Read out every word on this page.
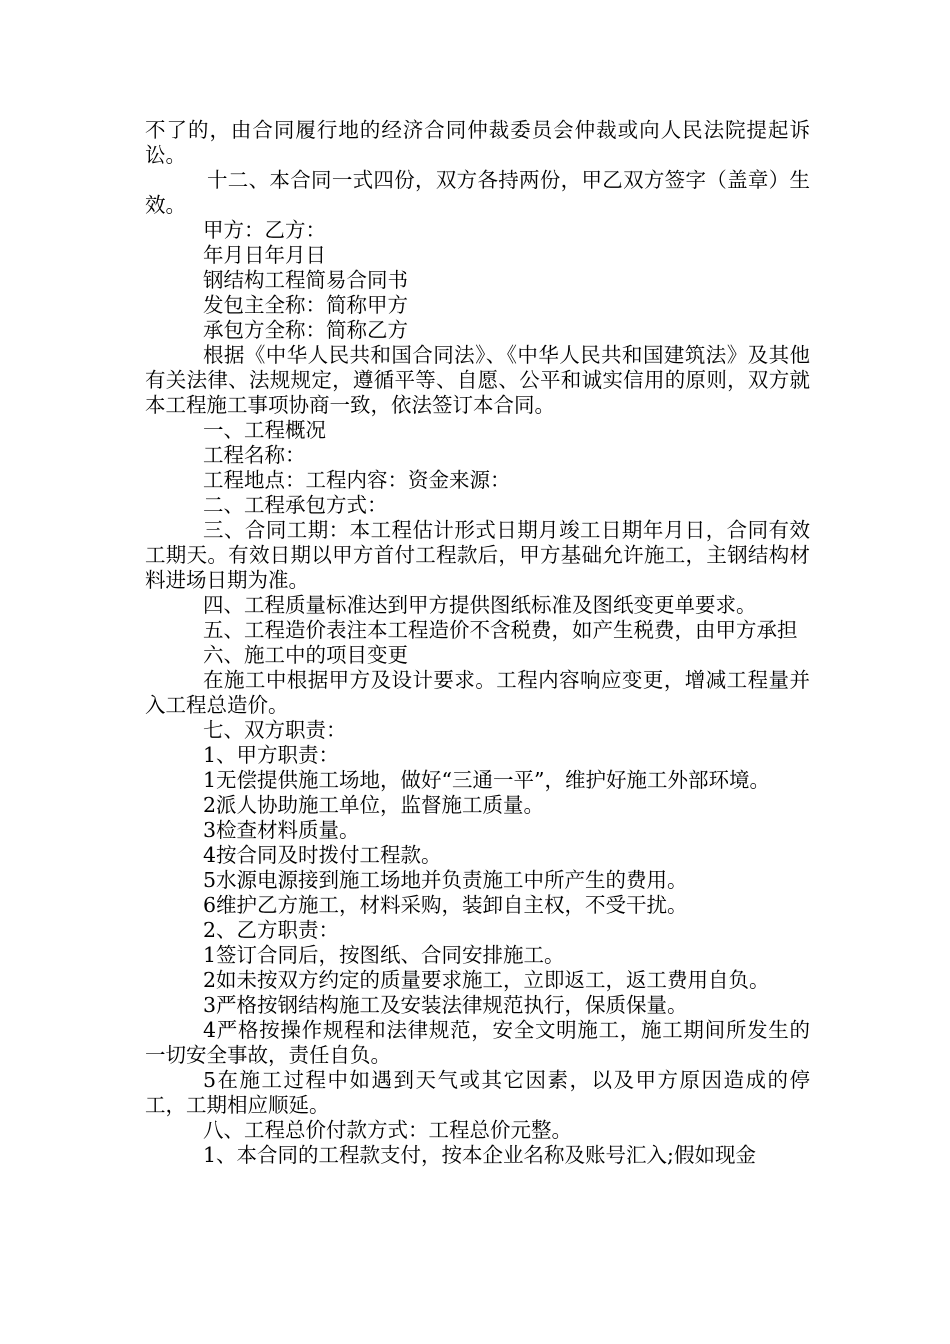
不了的，由合同履行地的经济合同仲裁委员会仲裁或向人民法院提起诉讼。

十二、本合同一式四份，双方各持两份，甲乙双方签字（盖章）生效。

甲方：乙方：

年月日年月日

钢结构工程简易合同书

发包主全称：简称甲方

承包方全称：简称乙方

根据《中华人民共和国合同法》、《中华人民共和国建筑法》及其他有关法律、法规规定，遵循平等、自愿、公平和诚实信用的原则，双方就本工程施工事项协商一致，依法签订本合同。

一、工程概况

工程名称：

工程地点：工程内容：资金来源：

二、工程承包方式：

三、合同工期：本工程估计形式日期月竣工日期年月日，合同有效工期天。有效日期以甲方首付工程款后，甲方基础允许施工，主钢结构材料进场日期为准。

四、工程质量标准达到甲方提供图纸标准及图纸变更单要求。

五、工程造价表注本工程造价不含税费，如产生税费，由甲方承担

六、施工中的项目变更

在施工中根据甲方及设计要求。工程内容响应变更，增减工程量并入工程总造价。

七、双方职责：

1、甲方职责：

1无偿提供施工场地，做好“三通一平”，维护好施工外部环境。

2派人协助施工单位，监督施工质量。

3检查材料质量。

4按合同及时拨付工程款。

5水源电源接到施工场地并负责施工中所产生的费用。

6维护乙方施工，材料采购，装卸自主权，不受干扰。

2、乙方职责：

1签订合同后，按图纸、合同安排施工。

2如未按双方约定的质量要求施工，立即返工，返工费用自负。

3严格按钢结构施工及安装法律规范执行，保质保量。

4严格按操作规程和法律规范，安全文明施工，施工期间所发生的一切安全事故，责任自负。

5在施工过程中如遇到天气或其它因素，以及甲方原因造成的停工，工期相应顺延。

八、工程总价付款方式：工程总价元整。

1、本合同的工程款支付，按本企业名称及账号汇入;假如现金
